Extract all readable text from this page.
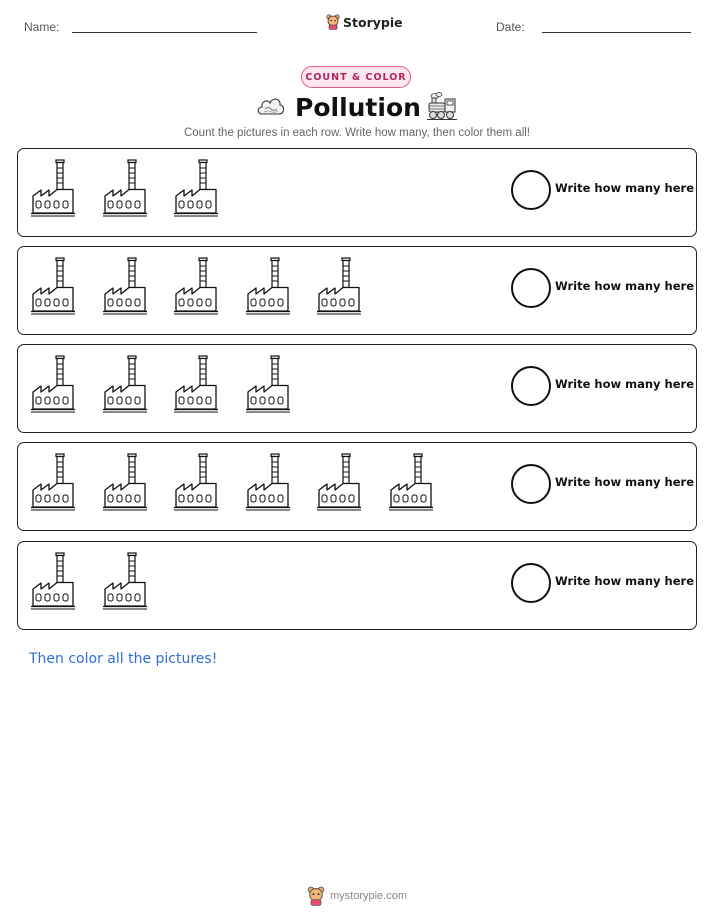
Name:	Storypie	Date:
COUNT & COLOR
Pollution
Count the pictures in each row. Write how many, then color them all!
Write how many here
Write how many here
Write how many here
Write how many here
Write how many here
Then color all the pictures!
mystorypie.com
